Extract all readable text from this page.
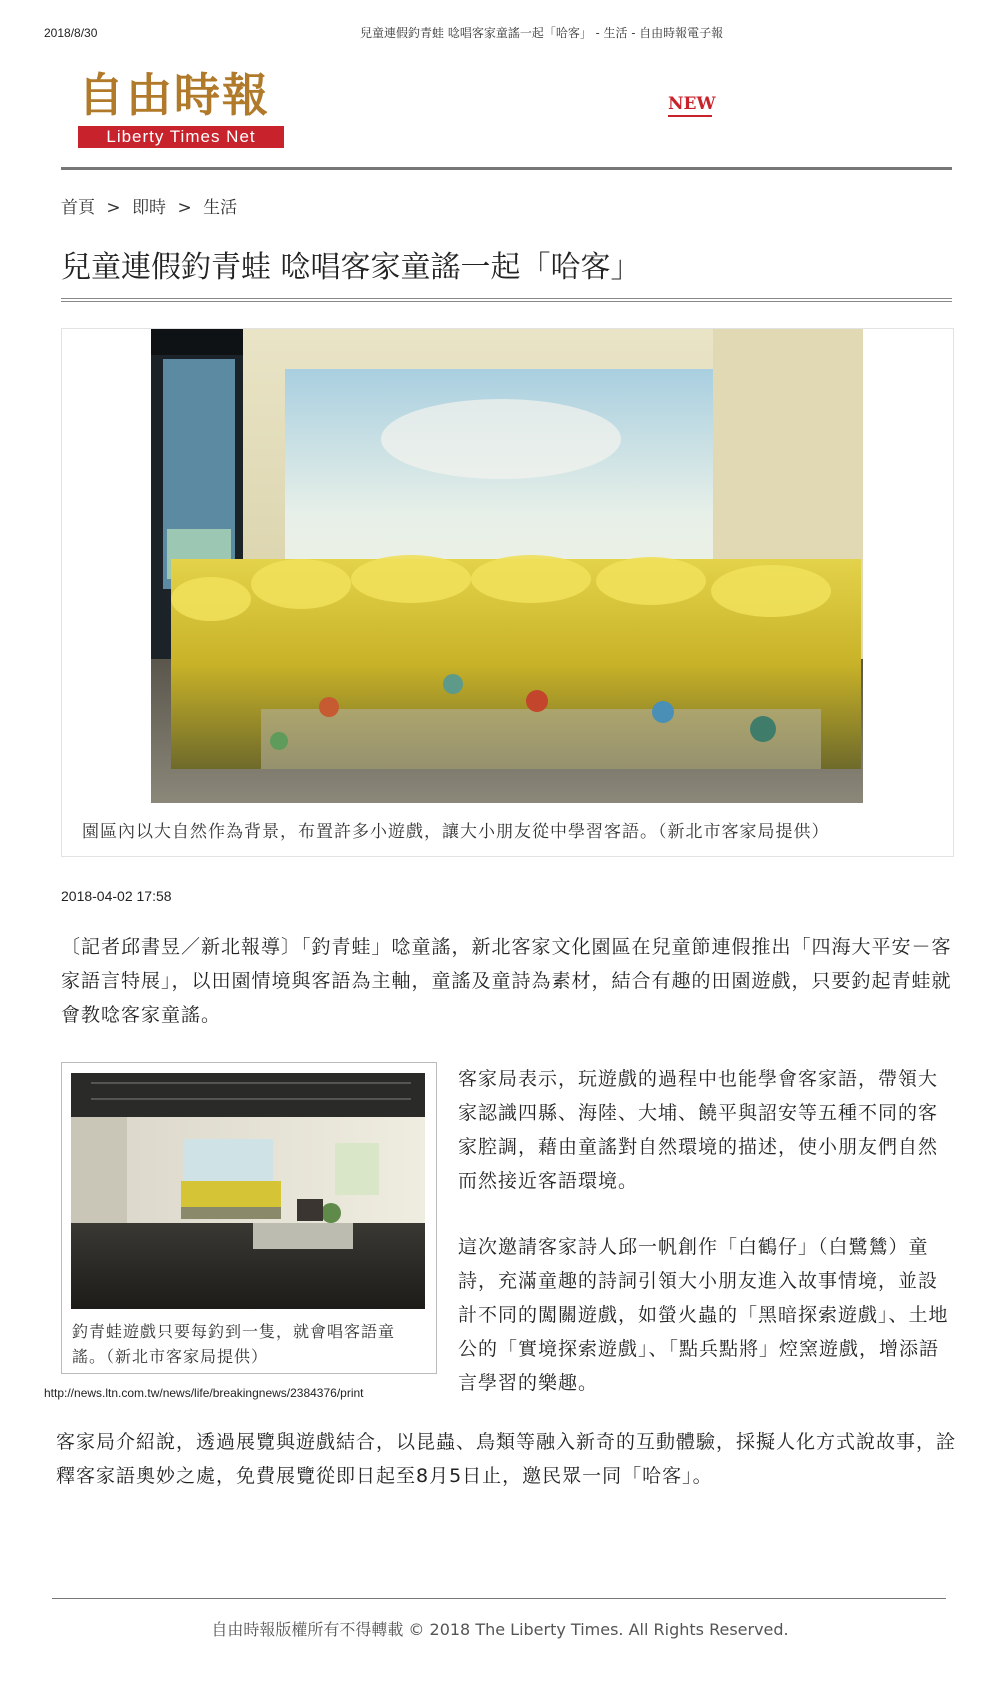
2018/8/30	兒童連假釣青蛙 唸唱客家童謠一起「哈客」 - 生活 - 自由時報電子報
自由時報
Liberty Times Net
NEW
首頁 > 即時 > 生活
兒童連假釣青蛙 唸唱客家童謠一起「哈客」
園區內以大自然作為背景，布置許多小遊戲，讓大小朋友從中學習客語。（新北市客家局提供）
2018-04-02 17:58

〔記者邱書昱／新北報導〕「釣青蛙」唸童謠，新北客家文化園區在兒童節連假推出「四海大平安－客家語言特展」，以田園情境與客語為主軸，童謠及童詩為素材，結合有趣的田園遊戲，只要釣起青蛙就會教唸客家童謠。

釣青蛙遊戲只要每釣到一隻，就會唱客語童謠。（新北市客家局提供）

客家局表示，玩遊戲的過程中也能學會客家語，帶領大家認識四縣、海陸、大埔、饒平與詔安等五種不同的客家腔調，藉由童謠對自然環境的描述，使小朋友們自然而然接近客語環境。

這次邀請客家詩人邱一帆創作「白鶴仔」（白鷺鷥）童詩，充滿童趣的詩詞引領大小朋友進入故事情境，並設計不同的闖關遊戲，如螢火蟲的「黑暗探索遊戲」、土地公的「實境探索遊戲」、「點兵點將」焢窯遊戲，增添語言學習的樂趣。

http://news.ltn.com.tw/news/life/breakingnews/2384376/print

客家局介紹說，透過展覽與遊戲結合，以昆蟲、鳥類等融入新奇的互動體驗，採擬人化方式說故事，詮釋客家語奧妙之處，免費展覽從即日起至8月5日止，邀民眾一同「哈客」。

自由時報版權所有不得轉載 © 2018 The Liberty Times. All Rights Reserved.
